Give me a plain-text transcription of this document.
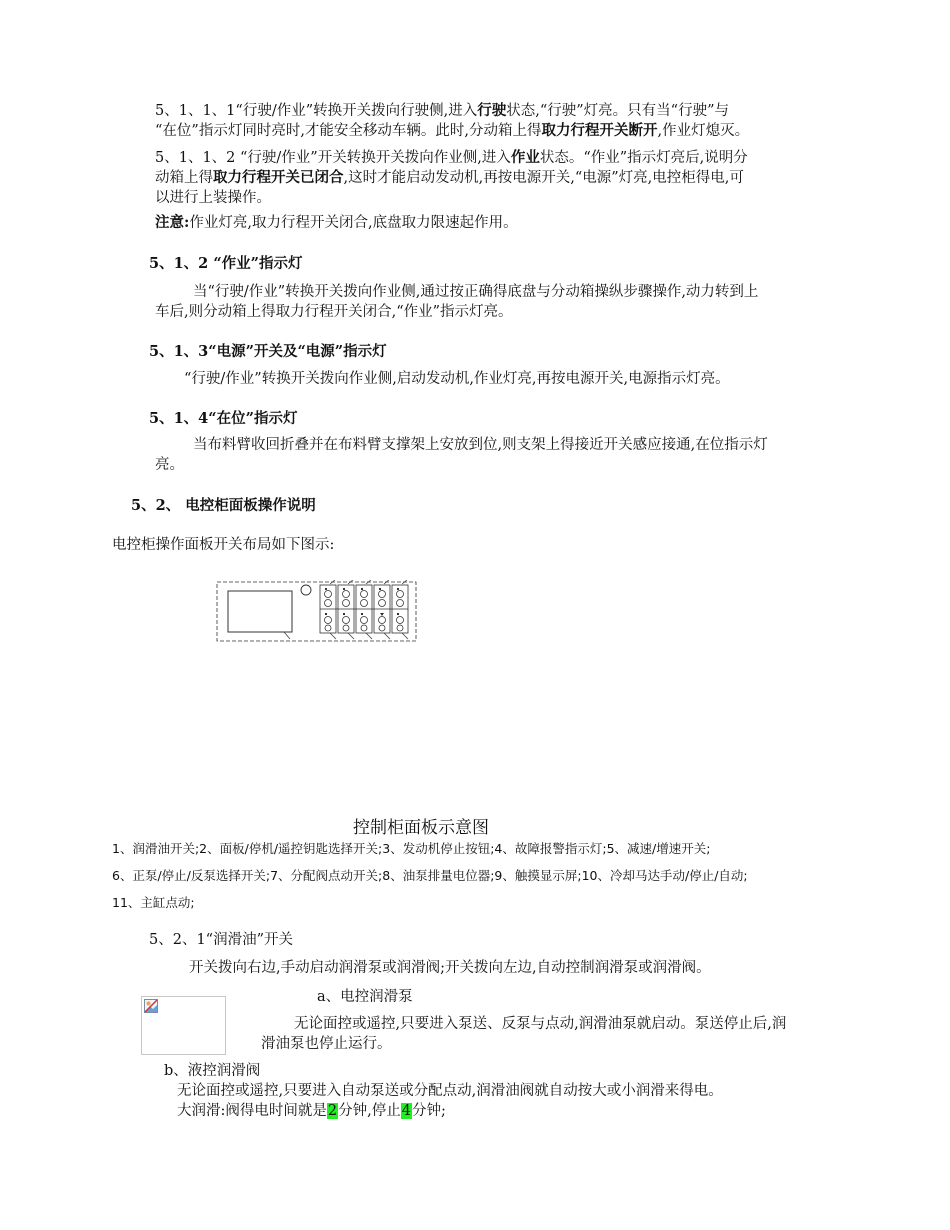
5、1、1、1“行驶/作业”转换开关拨向行驶侧,进入行驶状态,“行驶”灯亮。只有当“行驶”与
“在位”指示灯同时亮时,才能安全移动车辆。此时,分动箱上得取力行程开关断开,作业灯熄灭。
5、1、1、2 “行驶/作业”开关转换开关拨向作业侧,进入作业状态。“作业”指示灯亮后,说明分
动箱上得取力行程开关已闭合,这时才能启动发动机,再按电源开关,“电源”灯亮,电控柜得电,可
以进行上装操作。
注意:作业灯亮,取力行程开关闭合,底盘取力限速起作用。
5、1、2 “作业”指示灯
当“行驶/作业”转换开关拨向作业侧,通过按正确得底盘与分动箱操纵步骤操作,动力转到上
车后,则分动箱上得取力行程开关闭合,“作业”指示灯亮。
5、1、3“电源”开关及“电源”指示灯
“行驶/作业”转换开关拨向作业侧,启动发动机,作业灯亮,再按电源开关,电源指示灯亮。
5、1、4“在位”指示灯
当布料臂收回折叠并在布料臂支撑架上安放到位,则支架上得接近开关感应接通,在位指示灯
亮。
5、2、 电控柜面板操作说明
电控柜操作面板开关布局如下图示:
控制柜面板示意图
1、润滑油开关;2、面板/停机/遥控钥匙选择开关;3、发动机停止按钮;4、故障报警指示灯;5、减速/增速开关;
6、正泵/停止/反泵选择开关;7、分配阀点动开关;8、油泵排量电位器;9、触摸显示屏;10、冷却马达手动/停止/自动;
11、主缸点动;
5、2、1“润滑油”开关
开关拨向右边,手动启动润滑泵或润滑阀;开关拨向左边,自动控制润滑泵或润滑阀。
a、电控润滑泵
无论面控或遥控,只要进入泵送、反泵与点动,润滑油泵就启动。泵送停止后,润
滑油泵也停止运行。
b、液控润滑阀
无论面控或遥控,只要进入自动泵送或分配点动,润滑油阀就自动按大或小润滑来得电。
大润滑:阀得电时间就是2分钟,停止4分钟;
